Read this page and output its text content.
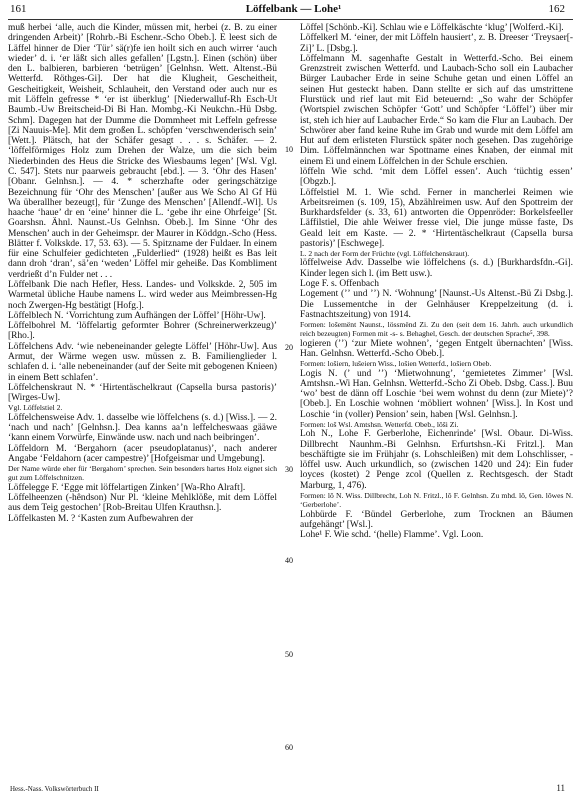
161	Löffelbank — Lohe¹	162

muß herbei ‘alle, auch die Kinder, müssen mit, herbei (z. B. zu einer dringenden Arbeit)’ [Rohrb.-Bi Eschenr.-Scho Obeb.]. E leest sich de Läffel hinner de Dier ‘Tür’ sä(r)fe ien hoilt sich en auch wirrer ‘auch wieder’ d. i. ‘er läßt sich alles gefallen’ [Lgstn.]. Einen (schön) über den L. balbieren, barbieren ‘betrügen’ [Gelnhsn. Wett. Altenst.-Bü Wetterfd. Röthges-Gi]. Der hat die Klugheit, Gescheitheit, Gescheitigkeit, Weisheit, Schlauheit, den Verstand oder auch nur es mit Löffeln gefresse * ‘er ist überklug’ [Niederwalluf-Rh Esch-Ut Baumb.-Uw Breitscheid-Di Bi Han. Mombg.-Ki Neukchn.-Hü Dsbg. Schm]. Dagegen hat der Dumme die Dommheet mit Leffeln gefresse [Zi Nauuis-Me]. Mit dem großen L. schöpfen ‘verschwenderisch sein’ [Wett.]. Plätsch, hat der Schäfer gesagt . . . s. Schäfer. — 2. ‘löffelförmiges Holz zum Drehen der Walze, um die sich beim Niederbinden des Heus die Stricke des Wiesbaums legen’ [Wsl. Vgl. C. 547]. Stets nur paarweis gebraucht [ebd.]. — 3. ‘Ohr des Hasen’ [Obanr. Gelnhsn.]. — 4. * scherzhafte oder geringschätzige Bezeichnung für ‘Ohr des Menschen’ [außer aus We Scho Al Gf Hü Wa überallher bezeugt], für ‘Zunge des Menschen’ [Allendf.-Wl]. Us haache ‘haue’ dr en ‘eine’ hinner die L. ‘gebe ihr eine Ohrfeige’ [St. Goarshsn. Ähnl. Naunst.-Us Gelnhsn. Obeb.]. Im Sinne ‘Ohr des Menschen’ auch in der Geheimspr. der Maurer in Köddgn.-Scho (Hess. Blätter f. Volkskde. 17, 53. 63). — 5. Spitzname der Fuldaer. In einem für eine Schulfeier gedichteten „Fulderlied“ (1928) heißt es Bas leit dann droh ‘dran’, sä’en ‘weden’ Löffel mir geheiße. Das Kombliment verdrießt d’n Fulder net . . .

Löffelbank Die nach Hefler, Hess. Landes- und Volkskde. 2, 505 im Warmetal übliche Haube namens L. wird weder aus Meimbressen-Hg noch Zwergen-Hg bestätigt [Hofg.].

Löffelblech N. ‘Vorrichtung zum Aufhängen der Löffel’ [Höhr-Uw].

Löffelbohrel M. ‘löffelartig geformter Bohrer (Schreinerwerkzeug)’ [Rho.].

Löffelchens Adv. ‘wie nebeneinander gelegte Löffel’ [Höhr-Uw]. Aus Armut, der Wärme wegen usw. müssen z. B. Familienglieder l. schlafen d. i. ‘alle nebeneinander (auf der Seite mit gebogenen Knieen) in einem Bett schlafen’.

Löffelchenskraut N. * ‘Hirtentäschelkraut (Capsella bursa pastoris)’ [Wirges-Uw].

Vgl. Löffelstiel 2.

Löffelchensweise Adv. 1. dasselbe wie löffelchens (s. d.) [Wiss.]. — 2. ‘nach und nach’ [Gelnhsn.]. Dea kanns aa’n leffelcheswaas gääwe ‘kann einem Vorwürfe, Einwände usw. nach und nach beibringen’.

Löffeldorn M. ‘Bergahorn (acer pseudoplatanus)’, nach anderer Angabe ‘Feldahorn (acer campestre)’ [Hofgeismar und Umgebung].

Der Name würde eher für ‘Bergahorn’ sprechen. Sein besonders hartes Holz eignet sich gut zum Löffelschnitzen.

Löffelegge F. ‘Egge mit löffelartigen Zinken’ [Wa-Rho Alraft].

Löffelheenzen (-hêndson) Nur Pl. ‘kleine Mehlklöße, mit dem Löffel aus dem Teig gestochen’ [Rob-Breitau Ulfen Krauthsn.].

Löffelkasten M. ? ‘Kasten zum Aufbewahren der

10
20
30
40
50
60

Löffel [Schönb.-Ki]. Schlau wie e Löffelkäschte ‘klug’ [Wolferd.-Ki].

Löffelkerl M. ‘einer, der mit Löffeln hausiert’, z. B. Dreeser ‘Treysaer[-Zi]’ L. [Dsbg.].

Löffelmann M. sagenhafte Gestalt in Wetterfd.-Scho. Bei einem Grenzstreit zwischen Wetterfd. und Laubach-Scho soll ein Laubacher Bürger Laubacher Erde in seine Schuhe getan und einen Löffel an seinen Hut gesteckt haben. Dann stellte er sich auf das umstrittene Flurstück und rief laut mit Eid beteuernd: „So wahr der Schöpfer (Wortspiel zwischen Schöpfer ‘Gott’ und Schöpfer ‘Löffel’) über mir ist, steh ich hier auf Laubacher Erde.“ So kam die Flur an Laubach. Der Schwörer aber fand keine Ruhe im Grab und wurde mit dem Löffel am Hut auf dem erlisteten Flurstück später noch gesehen. Das zugehörige Dim. Löffelmännchen war Spottname eines Knaben, der einmal mit einem Ei und einem Löffelchen in der Schule erschien.

löffeln Wie schd. ‘mit dem Löffel essen’. Auch ‘tüchtig essen’ [Obgzb.].

Löffelstiel M. 1. Wie schd. Ferner in mancherlei Reimen wie Arbeitsreimen (s. 109, 15), Abzählreimen usw. Auf den Spottreim der Burkhardsfelder (s. 33, 61) antworten die Oppenröder: Borkelsfeeller Läffilstiel, Die ahle Weiwer fresse viel, Die junge müsse faste, Ds Geald leit em Kaste. — 2. * ‘Hirtentäschelkraut (Capsella bursa pastoris)’ [Eschwege].

L. 2 nach der Form der Früchte (vgl. Löffelchenskraut).

löffelweise Adv. Dasselbe wie löffelchens (s. d.) [Burkhardsfdn.-Gi]. Kinder legen sich l. (im Bett usw.).

Loge F. s. Offenbach

Logement (ʼʼ und ʼʼ) N. ‘Wohnung’ [Naunst.-Us Altenst.-Bü Zi Dsbg.]. Die Lussementche in der Gelnhäuser Kreppelzeitung (d. i. Fastnachtszeitung) von 1914.

Formen: lošemënt Naunst., lössmënd Zi. Zu den (seit dem 16. Jahrh. auch urkundlich reich bezeugten) Formen mit -s- s. Behaghel, Gesch. der deutschen Sprache⁵, 398.

logieren (ʼʼ) ‘zur Miete wohnen’, ‘gegen Entgelt übernachten’ [Wiss. Han. Gelnhsn. Wetterfd.-Scho Obeb.].

Formen: lošiern, lušeiern Wiss., lošien Wetterfd., lošiern Obeb.

Logis N. (ʼ und ʼʼ) ‘Mietwohnung’, ‘gemietetes Zimmer’ [Wsl. Amtshsn.-Wi Han. Gelnhsn. Wetterfd.-Scho Zi Obeb. Dsbg. Cass.]. Buu ‘wo’ best de dänn off Loschie ‘bei wem wohnst du denn (zur Miete)’? [Obeb.]. En Loschie wohnen ‘möbliert wohnen’ [Wiss.]. In Kost und Loschie ‘in (voller) Pension’ sein, haben [Wsl. Gelnhsn.].

Formen: loš Wsl. Amtshsn. Wetterfd. Obeb., lôši Zi.

Loh N., Lohe F. Gerberlohe, Eichenrinde’ [Wsl. Obaur. Di-Wiss. Dillbrecht Naunhm.-Bi Gelnhsn. Erfurtshsn.-Ki Fritzl.]. Man beschäftigte sie im Frühjahr (s. Lohschleißen) mit dem Lohschlisser, -löffel usw. Auch urkundlich, so (zwischen 1420 und 24): Ein fuder loyces (kostet) 2 Penge zcol (Quellen z. Rechtsgesch. der Stadt Marburg, 1, 476).

Formen: lô N. Wiss. Dillbrecht, Loh N. Fritzl., lô F. Gelnhsn. Zu mhd. lô, Gen. lôwes N. ‘Gerberlohe’.

Lohbürde F. ‘Bündel Gerberlohe, zum Trocknen an Bäumen aufgehängt’ [Wsl.].

Lohe¹ F. Wie schd. ‘(helle) Flamme’. Vgl. Loon.

Hess.-Nass. Volkswörterbuch II	11
